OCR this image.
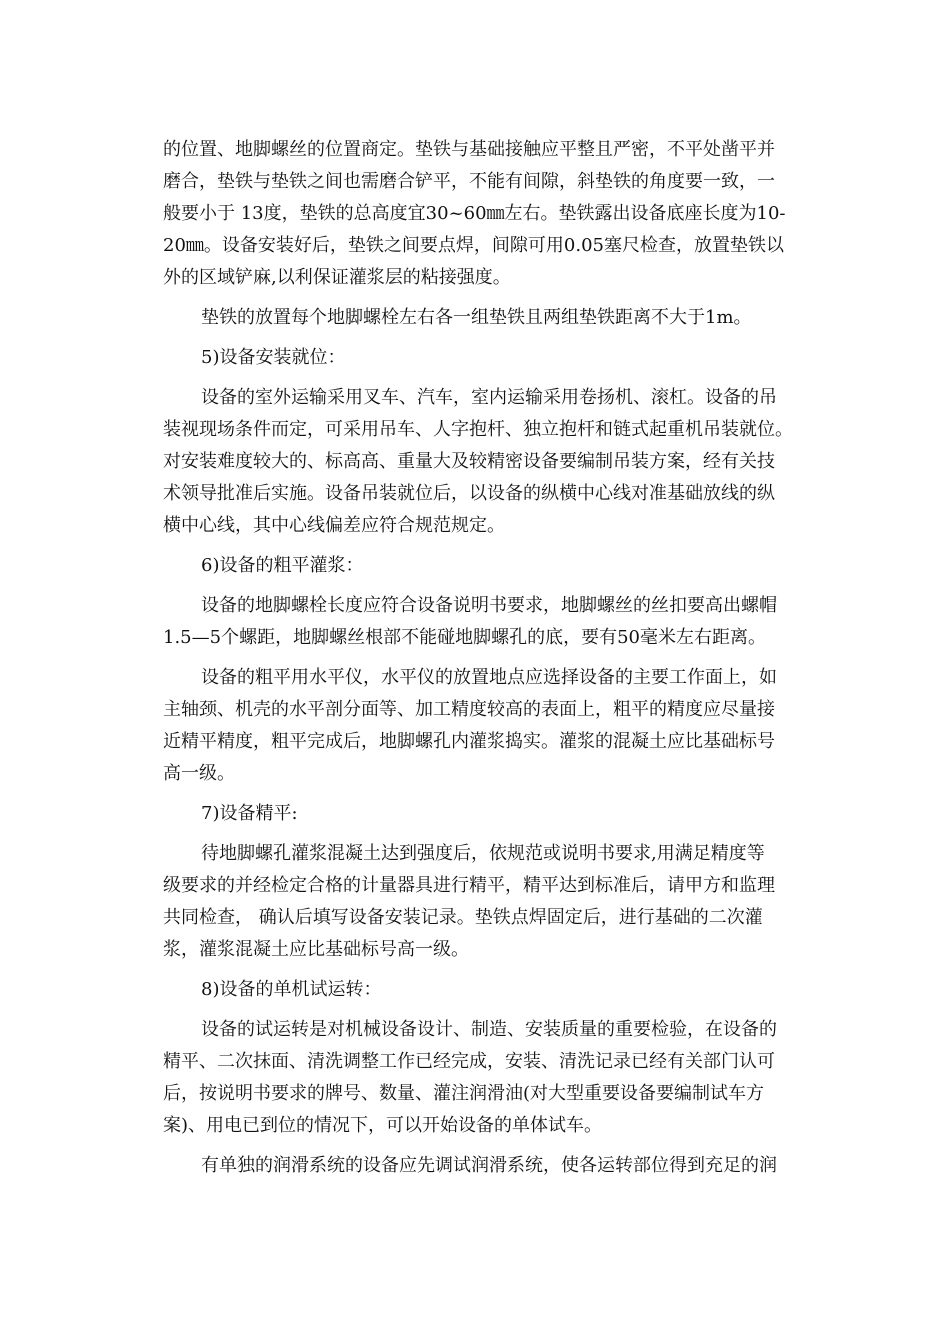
的位置、地脚螺丝的位置商定。垫铁与基础接触应平整且严密，不平处凿平并
磨合，垫铁与垫铁之间也需磨合铲平，不能有间隙，斜垫铁的角度要一致，一
般要小于 13度，垫铁的总高度宜30~60㎜左右。垫铁露出设备底座长度为10-
20㎜。设备安装好后，垫铁之间要点焊，间隙可用0.05塞尺检查，放置垫铁以
外的区域铲麻,以利保证灌浆层的粘接强度。
垫铁的放置每个地脚螺栓左右各一组垫铁且两组垫铁距离不大于1m。
5)设备安装就位：
设备的室外运输采用叉车、汽车，室内运输采用卷扬机、滚杠。设备的吊
装视现场条件而定，可采用吊车、人字抱杆、独立抱杆和链式起重机吊装就位。
对安装难度较大的、标高高、重量大及较精密设备要编制吊装方案，经有关技
术领导批准后实施。设备吊装就位后，以设备的纵横中心线对准基础放线的纵
横中心线，其中心线偏差应符合规范规定。
6)设备的粗平灌浆：
设备的地脚螺栓长度应符合设备说明书要求，地脚螺丝的丝扣要高出螺帽
1.5—5个螺距，地脚螺丝根部不能碰地脚螺孔的底，要有50毫米左右距离。
设备的粗平用水平仪，水平仪的放置地点应选择设备的主要工作面上，如
主轴颈、机壳的水平剖分面等、加工精度较高的表面上，粗平的精度应尽量接
近精平精度，粗平完成后，地脚螺孔内灌浆捣实。灌浆的混凝土应比基础标号
高一级。
7)设备精平:
待地脚螺孔灌浆混凝土达到强度后，依规范或说明书要求,用满足精度等
级要求的并经检定合格的计量器具进行精平，精平达到标准后，请甲方和监理
共同检查， 确认后填写设备安装记录。垫铁点焊固定后，进行基础的二次灌
浆，灌浆混凝土应比基础标号高一级。
8)设备的单机试运转：
设备的试运转是对机械设备设计、制造、安装质量的重要检验，在设备的
精平、二次抹面、清洗调整工作已经完成，安装、清洗记录已经有关部门认可
后，按说明书要求的牌号、数量、灌注润滑油(对大型重要设备要编制试车方
案)、用电已到位的情况下，可以开始设备的单体试车。
有单独的润滑系统的设备应先调试润滑系统，使各运转部位得到充足的润
